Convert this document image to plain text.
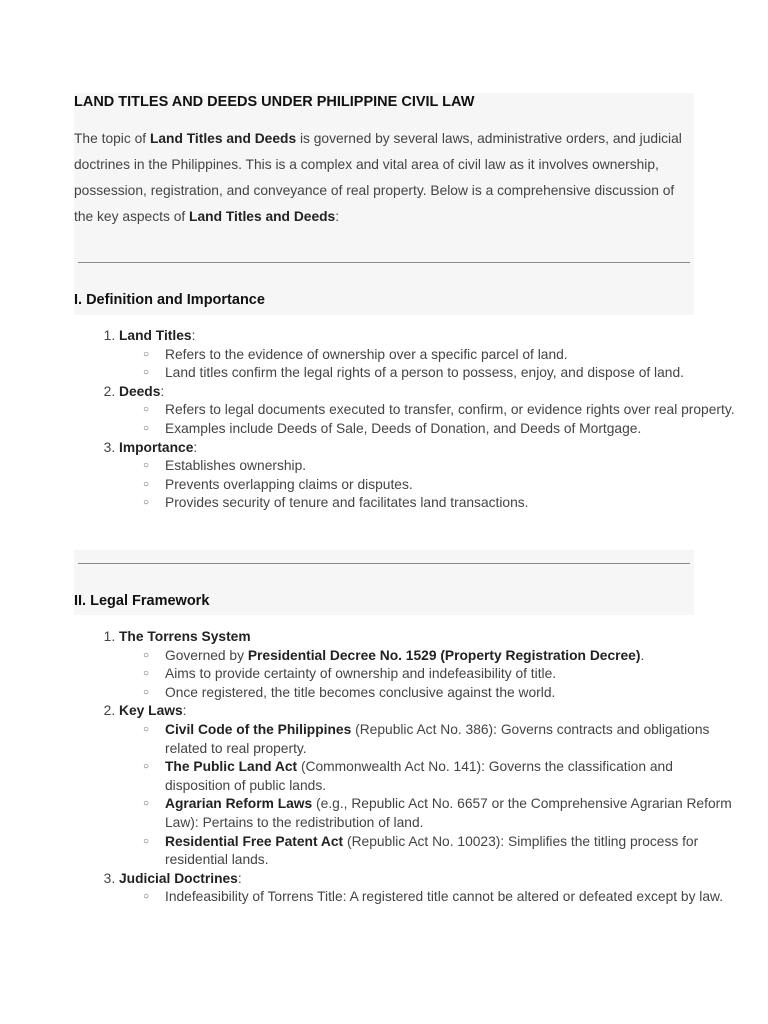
LAND TITLES AND DEEDS UNDER PHILIPPINE CIVIL LAW

The topic of Land Titles and Deeds is governed by several laws, administrative orders, and judicial doctrines in the Philippines. This is a complex and vital area of civil law as it involves ownership, possession, registration, and conveyance of real property. Below is a comprehensive discussion of the key aspects of Land Titles and Deeds:

I. Definition and Importance
1. Land Titles:
○ Refers to the evidence of ownership over a specific parcel of land.
○ Land titles confirm the legal rights of a person to possess, enjoy, and dispose of land.
2. Deeds:
○ Refers to legal documents executed to transfer, confirm, or evidence rights over real property.
○ Examples include Deeds of Sale, Deeds of Donation, and Deeds of Mortgage.
3. Importance:
○ Establishes ownership.
○ Prevents overlapping claims or disputes.
○ Provides security of tenure and facilitates land transactions.
II. Legal Framework
1. The Torrens System
○ Governed by Presidential Decree No. 1529 (Property Registration Decree).
○ Aims to provide certainty of ownership and indefeasibility of title.
○ Once registered, the title becomes conclusive against the world.
2. Key Laws:
○ Civil Code of the Philippines (Republic Act No. 386): Governs contracts and obligations related to real property.
○ The Public Land Act (Commonwealth Act No. 141): Governs the classification and disposition of public lands.
○ Agrarian Reform Laws (e.g., Republic Act No. 6657 or the Comprehensive Agrarian Reform Law): Pertains to the redistribution of land.
○ Residential Free Patent Act (Republic Act No. 10023): Simplifies the titling process for residential lands.
3. Judicial Doctrines:
○ Indefeasibility of Torrens Title: A registered title cannot be altered or defeated except by law.
